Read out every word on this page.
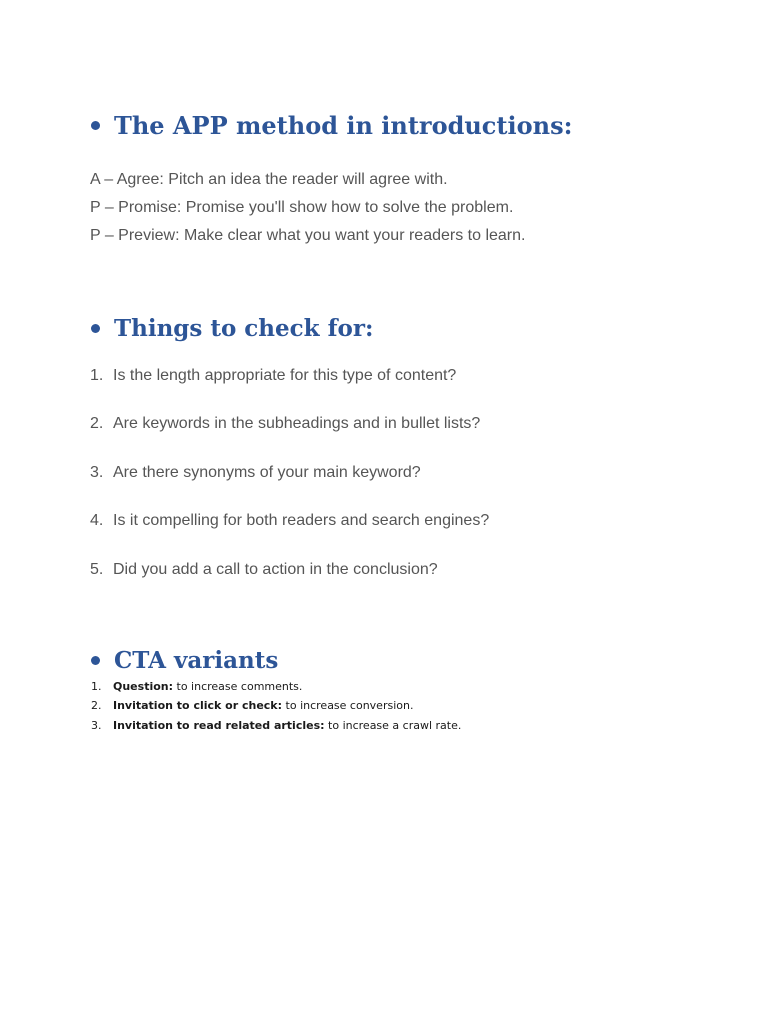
The APP method in introductions:

A – Agree: Pitch an idea the reader will agree with.

P – Promise: Promise you'll show how to solve the problem.

P – Preview: Make clear what you want your readers to learn.

Things to check for:

1. Is the length appropriate for this type of content?

2. Are keywords in the subheadings and in bullet lists?

3. Are there synonyms of your main keyword?

4. Is it compelling for both readers and search engines?

5. Did you add a call to action in the conclusion?

CTA variants

1. Question: to increase comments.

2. Invitation to click or check: to increase conversion.

3. Invitation to read related articles: to increase a crawl rate.
